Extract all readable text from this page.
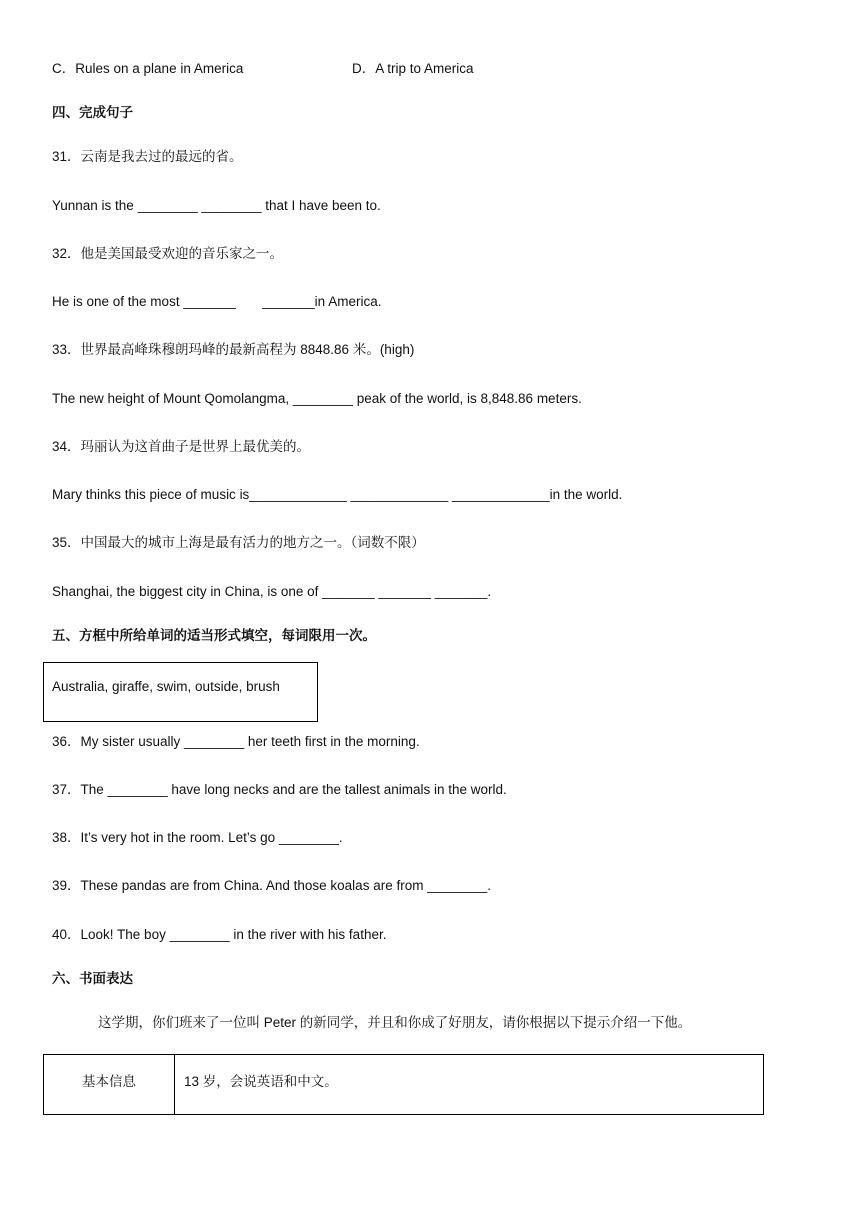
C．Rules on a plane in America	D．A trip to America
四、完成句子
31．云南是我去过的最远的省。
Yunnan is the ________ ________ that I have been to.
32．他是美国最受欢迎的音乐家之一。
He is one of the most _______       _______in America.
33．世界最高峰珠穆朗玛峰的最新高程为 8848.86 米。(high)
The new height of Mount Qomolangma, ________ peak of the world, is 8,848.86 meters.
34．玛丽认为这首曲子是世界上最优美的。
Mary thinks this piece of music is_____________ _____________ _____________in the world.
35．中国最大的城市上海是最有活力的地方之一。（词数不限）
Shanghai, the biggest city in China, is one of _______ _______ _______.
五、方框中所给单词的适当形式填空，每词限用一次。
Australia, giraffe, swim, outside, brush
36．My sister usually ________ her teeth first in the morning.
37．The ________ have long necks and are the tallest animals in the world.
38．It’s very hot in the room. Let’s go ________.
39．These pandas are from China. And those koalas are from ________.
40．Look! The boy ________ in the river with his father.
六、书面表达
这学期，你们班来了一位叫 Peter 的新同学，并且和你成了好朋友，请你根据以下提示介绍一下他。
基本信息	13 岁，会说英语和中文。
